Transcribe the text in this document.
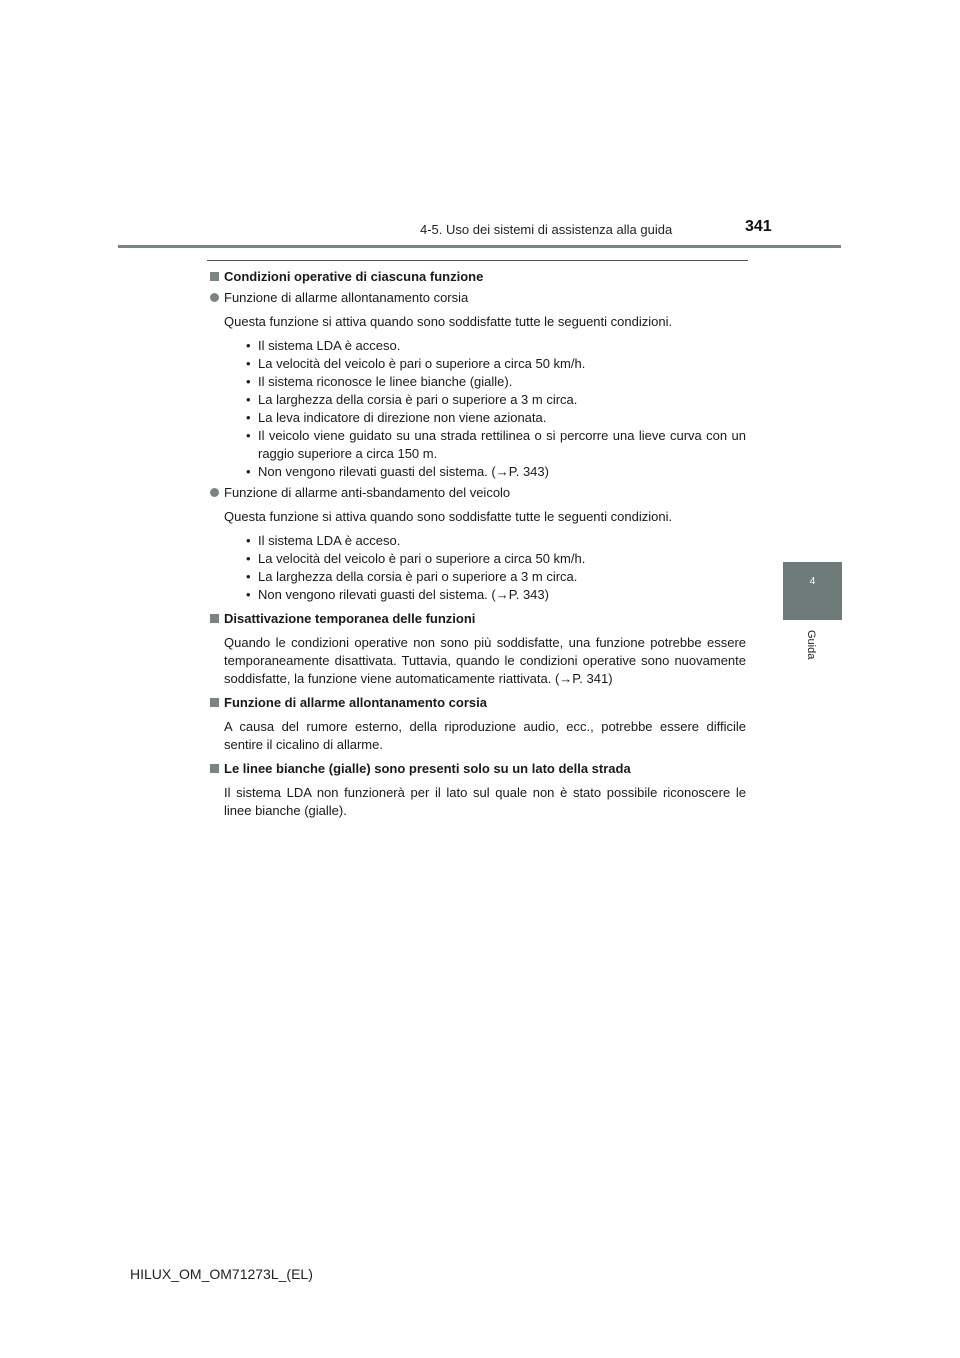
4-5. Uso dei sistemi di assistenza alla guida	341
4
Guida
Condizioni operative di ciascuna funzione
Funzione di allarme allontanamento corsia
Questa funzione si attiva quando sono soddisfatte tutte le seguenti condizioni.
• Il sistema LDA è acceso.
• La velocità del veicolo è pari o superiore a circa 50 km/h.
• Il sistema riconosce le linee bianche (gialle).
• La larghezza della corsia è pari o superiore a 3 m circa.
• La leva indicatore di direzione non viene azionata.
• Il veicolo viene guidato su una strada rettilinea o si percorre una lieve curva con un raggio superiore a circa 150 m.
• Non vengono rilevati guasti del sistema. (→P. 343)
Funzione di allarme anti-sbandamento del veicolo
Questa funzione si attiva quando sono soddisfatte tutte le seguenti condizioni.
• Il sistema LDA è acceso.
• La velocità del veicolo è pari o superiore a circa 50 km/h.
• La larghezza della corsia è pari o superiore a 3 m circa.
• Non vengono rilevati guasti del sistema. (→P. 343)
Disattivazione temporanea delle funzioni
Quando le condizioni operative non sono più soddisfatte, una funzione potrebbe essere temporaneamente disattivata. Tuttavia, quando le condizioni operative sono nuovamente soddisfatte, la funzione viene automaticamente riattivata. (→P. 341)
Funzione di allarme allontanamento corsia
A causa del rumore esterno, della riproduzione audio, ecc., potrebbe essere difficile sentire il cicalino di allarme.
Le linee bianche (gialle) sono presenti solo su un lato della strada
Il sistema LDA non funzionerà per il lato sul quale non è stato possibile riconoscere le linee bianche (gialle).
HILUX_OM_OM71273L_(EL)
